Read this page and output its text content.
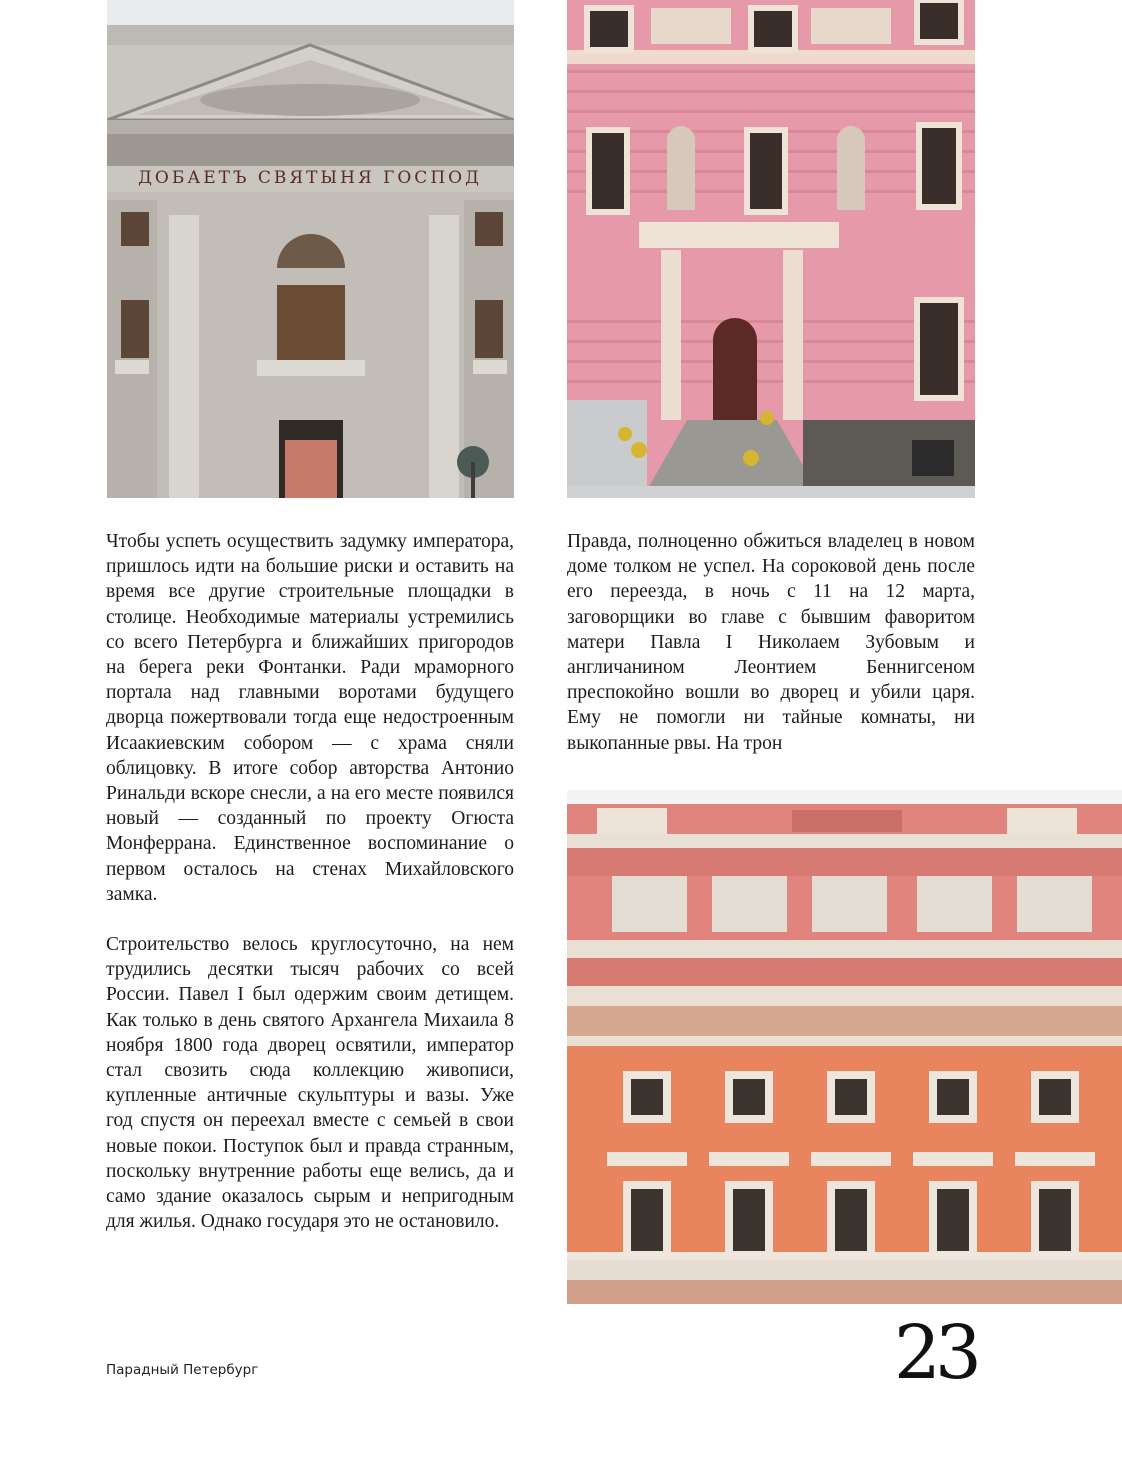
ДОБАЕТЪ СВЯТЫНЯ ГОСПОД

Чтобы успеть осуществить задумку императора, пришлось идти на большие риски и оставить на время все другие строительные площадки в столице. Необходимые материалы устремились со всего Петербурга и ближайших пригородов на берега реки Фонтанки. Ради мраморного портала над главными воротами будущего дворца пожертвовали тогда еще недостроенным Исаакиевским собором — с храма сняли облицовку. В итоге собор авторства Антонио Ринальди вскоре снесли, а на его месте появился новый — созданный по проекту Огюста Монферрана. Единственное воспоминание о первом осталось на стенах Михайловского замка.

Строительство велось круглосуточно, на нем трудились десятки тысяч рабочих со всей России. Павел I был одержим своим детищем. Как только в день святого Архангела Михаила 8 ноября 1800 года дворец освятили, император стал свозить сюда коллекцию живописи, купленные античные скульптуры и вазы. Уже год спустя он переехал вместе с семьей в свои новые покои. Поступок был и правда странным, поскольку внутренние работы еще велись, да и само здание оказалось сырым и непригодным для жилья. Однако государя это не остановило.

Правда, полноценно обжиться владелец в новом доме толком не успел. На сороковой день после его переезда, в ночь с 11 на 12 марта, заговорщики во главе с бывшим фаворитом матери Павла I Николаем Зубовым и англичанином Леонтием Беннигсеном преспокойно вошли во дворец и убили царя. Ему не помогли ни тайные комнаты, ни выкопанные рвы. На трон

Парадный Петербург	23
